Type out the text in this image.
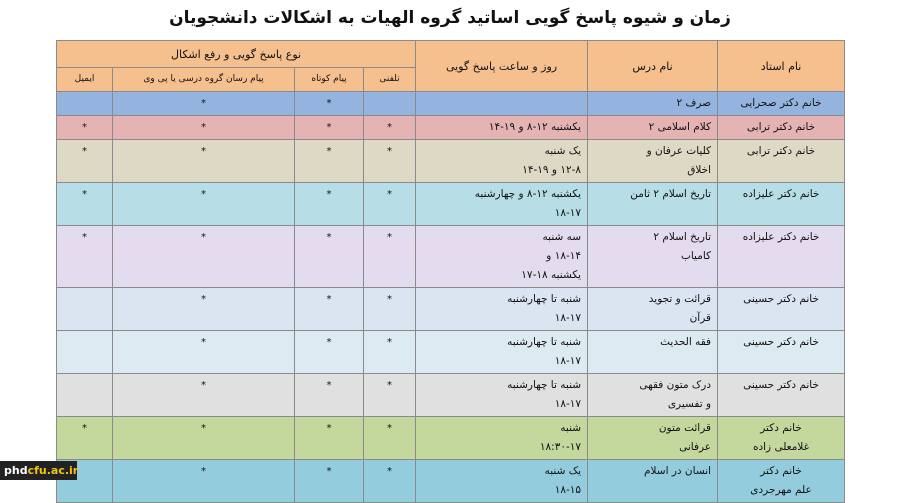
زمان و شیوه پاسخ گویی اساتید گروه الهیات به اشکالات دانشجویان
نام استاد	نام درس	روز و ساعت پاسخ گویی	نوع پاسخ گویی و رفع اشکال			
			تلفنی	پیام کوتاه	پیام رسان گروه درسی یا پی وی	ایمیل
خانم دکتر صحرایی	صرف ۲			*	*	
خانم دکتر ترابی	کلام اسلامی ۲	یکشنبه ۱۲-۸ و ۱۹-۱۴	*	*	*	*
خانم دکتر ترابی	کلیات عرفان و
اخلاق	یک شنبه
۱۲-۸ و ۱۹-۱۴	*	*	*	*
خانم دکتر علیزاده	تاریخ اسلام ۲ ثامن	یکشنبه ۱۲-۸ و چهارشنبه
۱۸-۱۷	*	*	*	*
خانم دکتر علیزاده	تاریخ اسلام ۲
کامیاب	سه شنبه
۱۸-۱۴ و
یکشنبه ۱۸-۱۷	*	*	*	*
خانم دکتر حسینی	قرائت و تجوید
قرآن	شنبه تا چهارشنبه
۱۸-۱۷	*	*	*	
خانم دکتر حسینی	فقه الحدیث	شنبه تا چهارشنبه
۱۸-۱۷	*	*	*	
خانم دکتر حسینی	درک متون فقهی
و تفسیری	شنبه تا چهارشنبه
۱۸-۱۷	*	*	*	
خانم دکتر
غلامعلی زاده	قرائت متون
عرفانی	شنبه
۱۸:۳۰-۱۷	*	*	*	*
خانم دکتر
علم مهرجردی	انسان در اسلام	یک شنبه
۱۸-۱۵	*	*	*	
phdcfu.ac.ir
